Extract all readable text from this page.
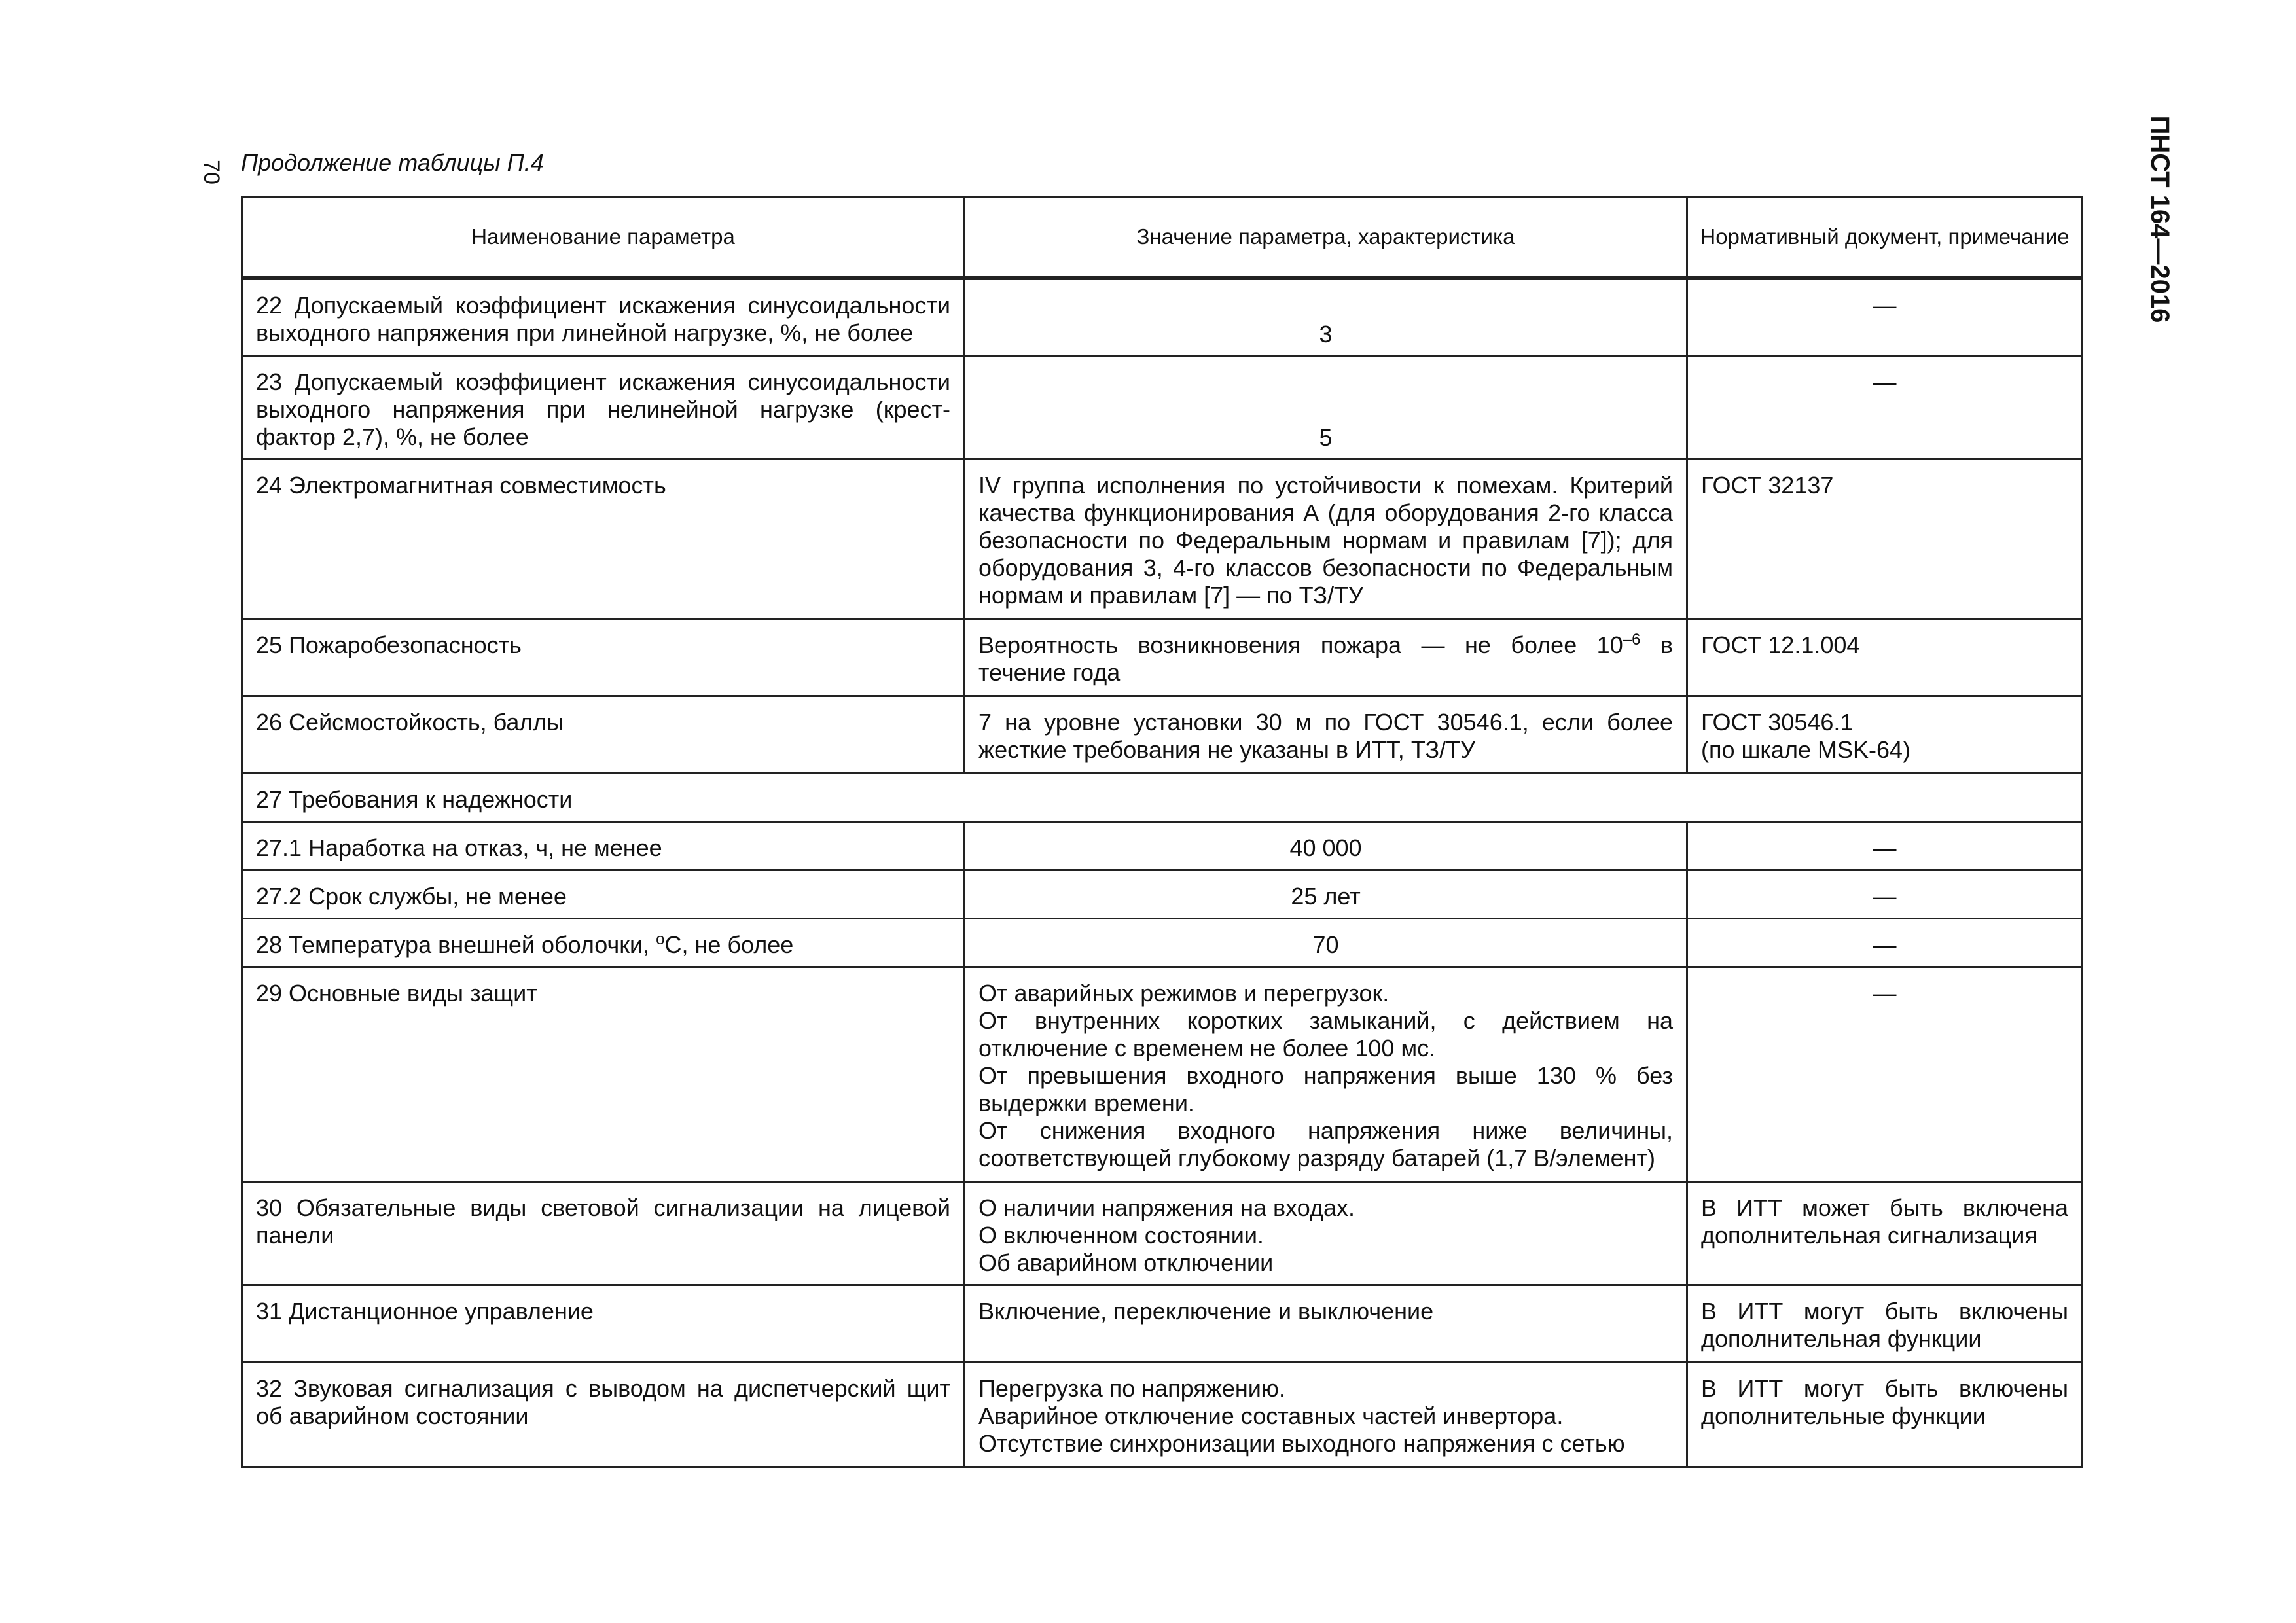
70 Продолжение таблицы П.4	ПНСТ 164—2016
Наименование параметра	Значение параметра, характеристика	Нормативный документ, примечание
22 Допускаемый коэффициент искажения синусоидальности выходного напряжения при линейной нагрузке, %, не более	3	—
23 Допускаемый коэффициент искажения синусоидальности выходного напряжения при нелинейной нагрузке (крест-фактор 2,7), %, не более	5	—
24 Электромагнитная совместимость	IV группа исполнения по устойчивости к помехам. Критерий качества функционирования А (для оборудования 2-го класса безопасности по Федеральным нормам и правилам [7]); для оборудования 3, 4-го классов безопасности по Федеральным нормам и правилам [7] — по ТЗ/ТУ	ГОСТ 32137
25 Пожаробезопасность	Вероятность возникновения пожара — не более $10^{-6}$ в течение года	ГОСТ 12.1.004
26 Сейсмостойкость, баллы	7 на уровне установки 30 м по ГОСТ 30546.1, если более жесткие требования не указаны в ИТТ, ТЗ/ТУ	ГОСТ 30546.1
(по шкале MSK-64)

27 Требования к надежности		
27.1 Наработка на отказ, ч, не менее	40 000	—
27.2 Срок службы, не менее	25 лет	—
28 Температура внешней оболочки, $^о$С, не более	70	—
29 Основные виды защит	От аварийных режимов и перегрузок.
От внутренних коротких замыканий, с действием на отключение с временем не более 100 мс.
От превышения входного напряжения выше 130 % без выдержки времени.
От снижения входного напряжения ниже величины, соответствующей глубокому разряду батарей (1,7 В/элемент)	—
30 Обязательные виды световой сигнализации на лицевой панели	О наличии напряжения на входах.
О включенном состоянии.
Об аварийном отключении	В ИТТ может быть включена дополнительная сигнализация
31 Дистанционное управление	Включение, переключение и выключение	В ИТТ могут быть включены дополнительная функции
32 Звуковая сигнализация с выводом на диспетчерский щит об аварийном состоянии	Перегрузка по напряжению.
Аварийное отключение составных частей инвертора.
Отсутствие синхронизации выходного напряжения с сетью	В ИТТ могут быть включены дополнительные функции
